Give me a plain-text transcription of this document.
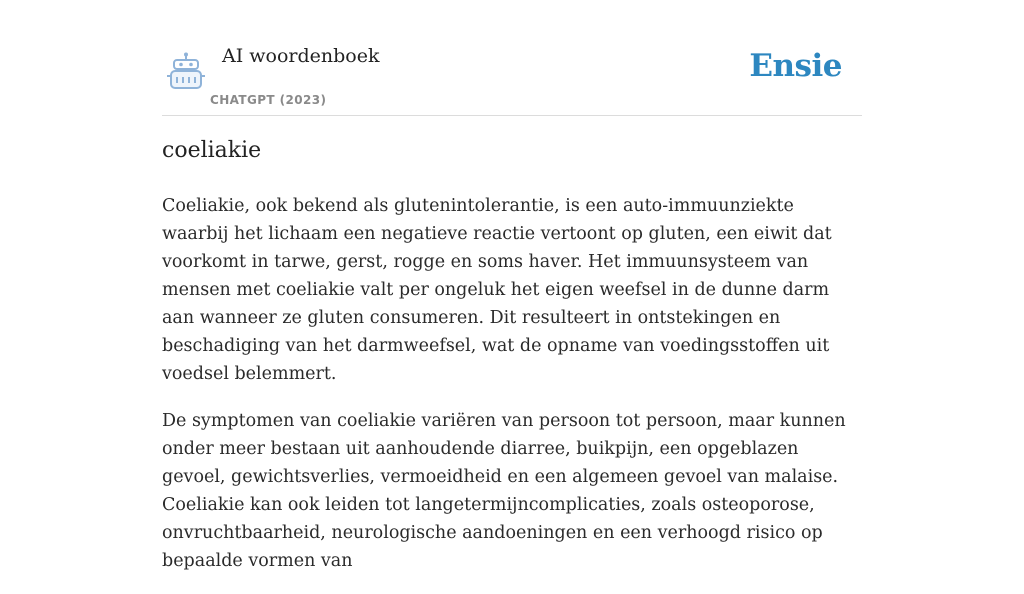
AI woordenboek
CHATGPT (2023)
Ensie
coeliakie

Coeliakie, ook bekend als glutenintolerantie, is een auto-immuunziekte waarbij het lichaam een negatieve reactie vertoont op gluten, een eiwit dat voorkomt in tarwe, gerst, rogge en soms haver. Het immuunsysteem van mensen met coeliakie valt per ongeluk het eigen weefsel in de dunne darm aan wanneer ze gluten consumeren. Dit resulteert in ontstekingen en beschadiging van het darmweefsel, wat de opname van voedingsstoffen uit voedsel belemmert.

De symptomen van coeliakie variëren van persoon tot persoon, maar kunnen onder meer bestaan uit aanhoudende diarree, buikpijn, een opgeblazen gevoel, gewichtsverlies, vermoeidheid en een algemeen gevoel van malaise. Coeliakie kan ook leiden tot langetermijncomplicaties, zoals osteoporose, onvruchtbaarheid, neurologische aandoeningen en een verhoogd risico op bepaalde vormen van
